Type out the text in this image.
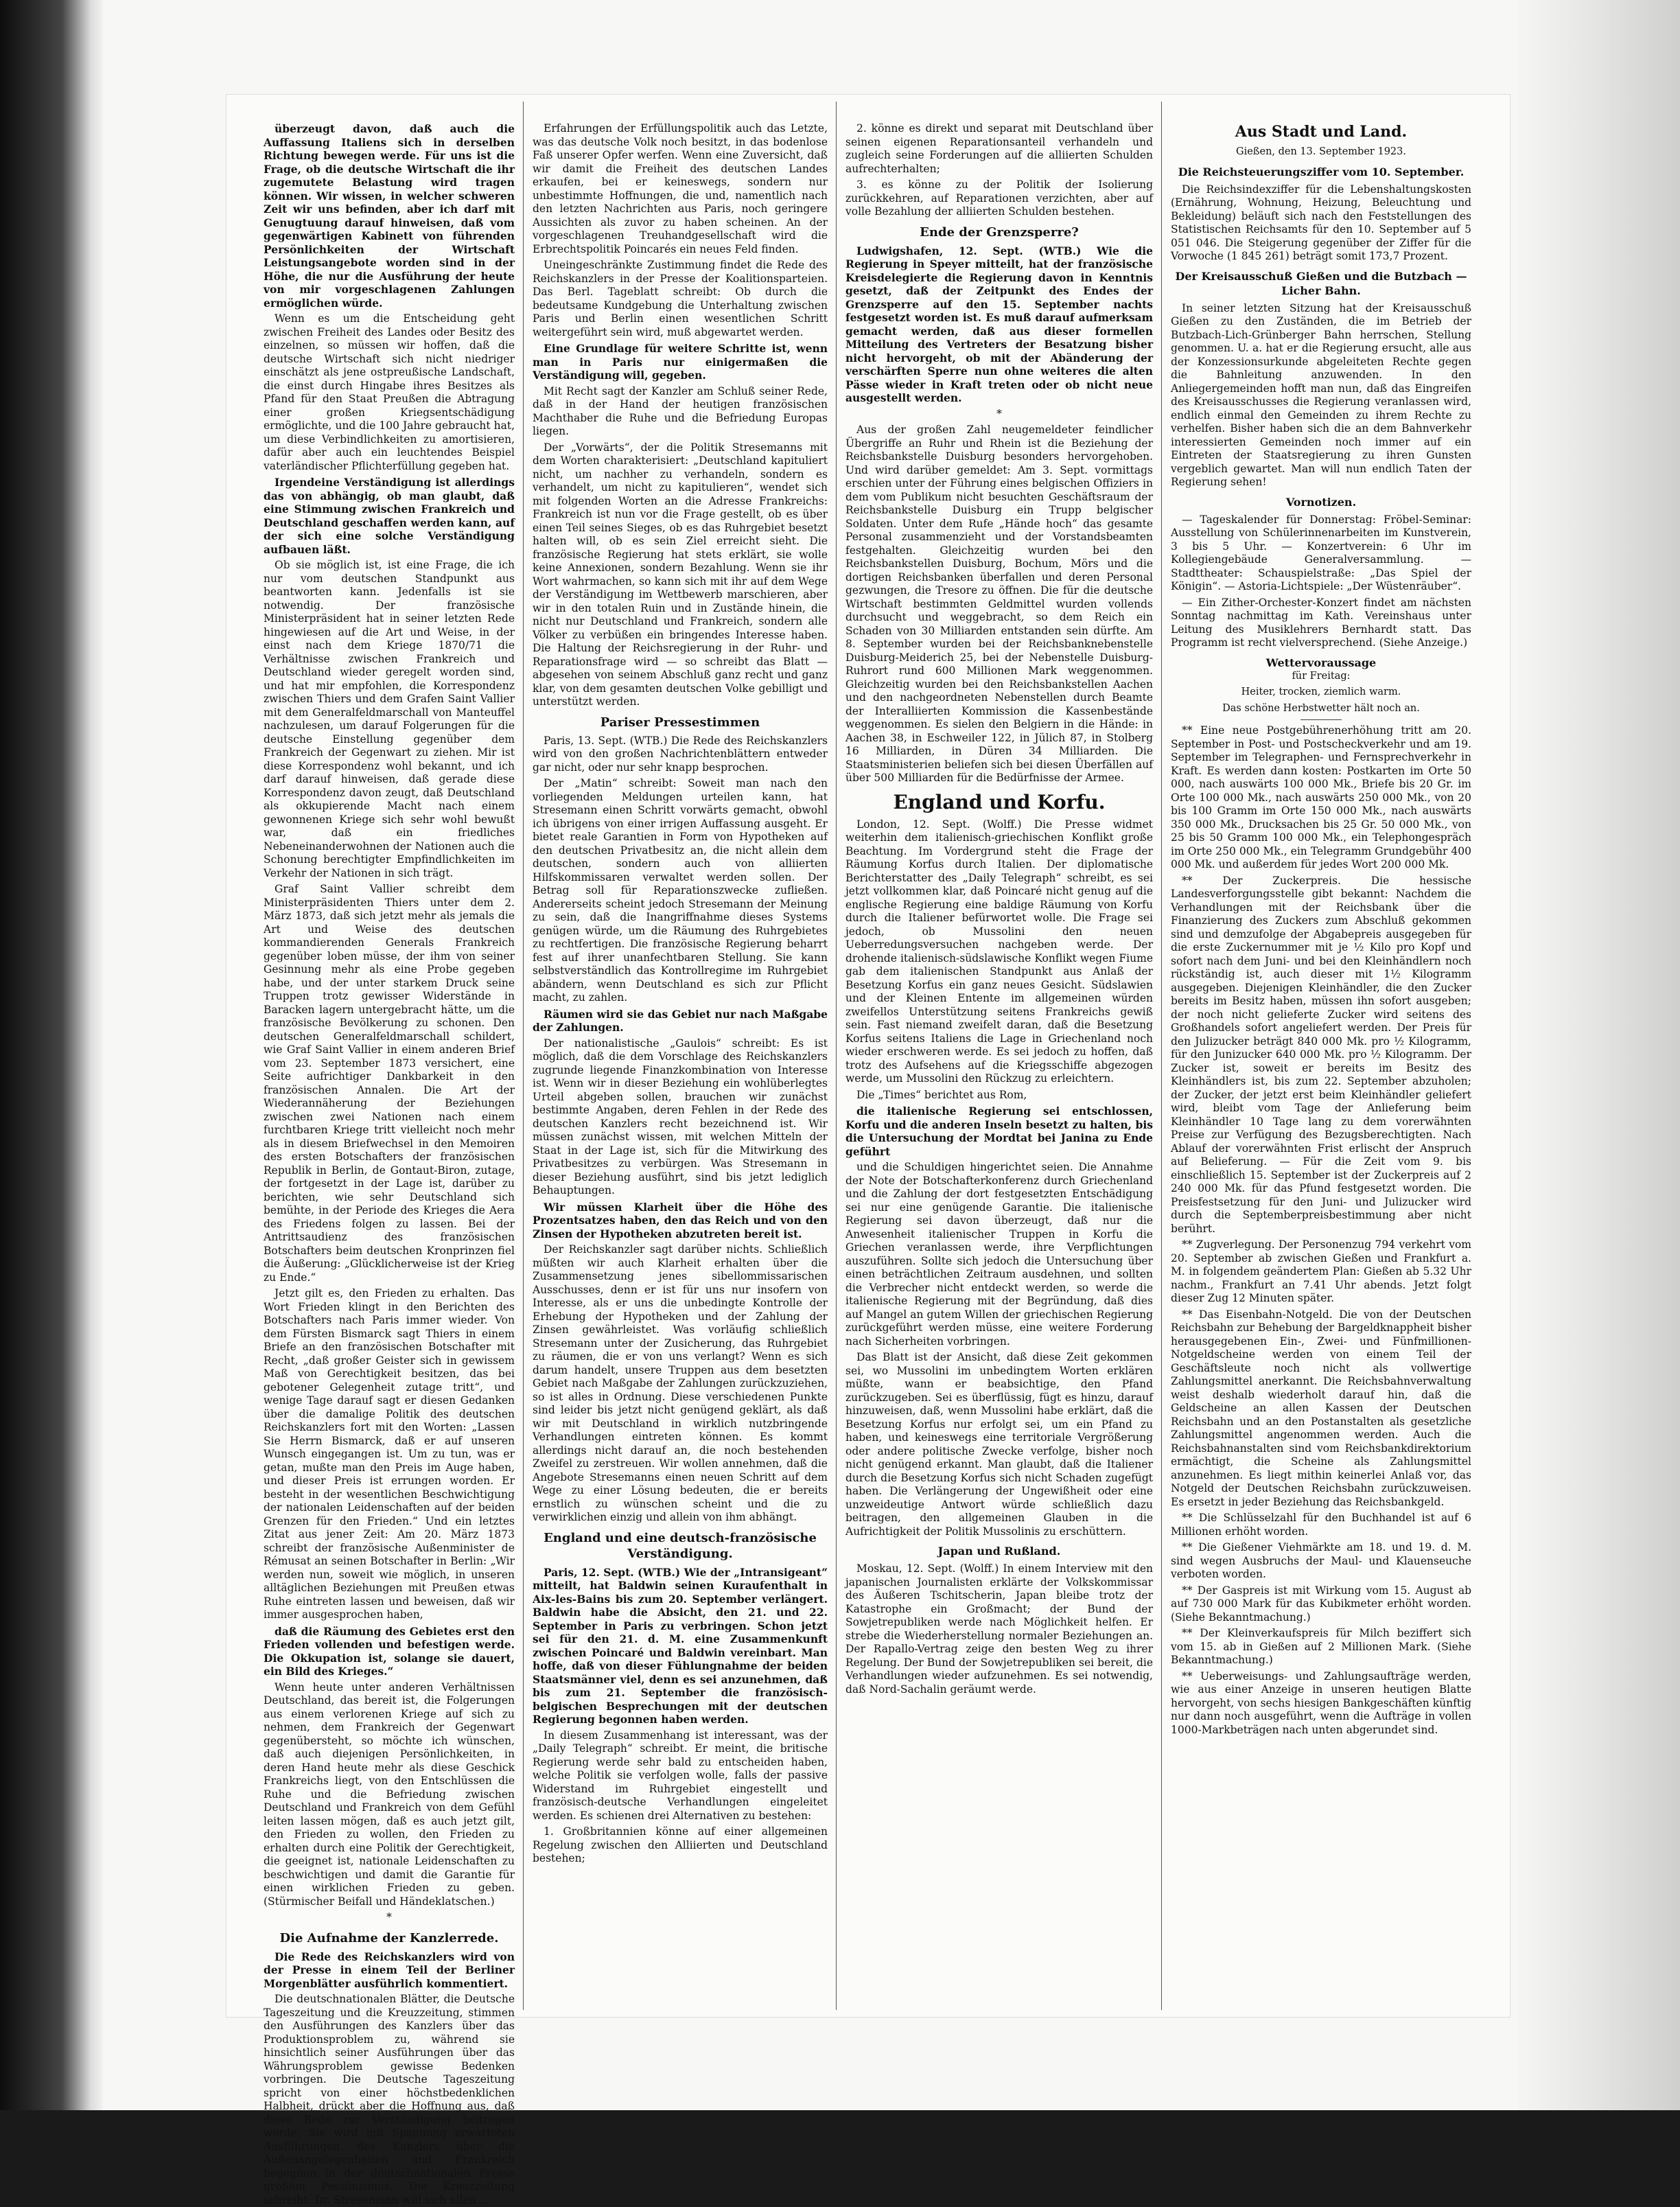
überzeugt davon, daß auch die Auffassung Italiens sich in derselben Richtung bewegen werde. Für uns ist die Frage, ob die deutsche Wirtschaft die ihr zugemutete Belastung wird tragen können. Wir wissen, in welcher schweren Zeit wir uns befinden, aber ich darf mit Genugtuung darauf hinweisen, daß vom gegenwärtigen Kabinett von führenden Persönlichkeiten der Wirtschaft Leistungsangebote worden sind in der Höhe, die nur die Ausführung der heute von mir vorgeschlagenen Zahlungen ermöglichen würde.

Wenn es um die Entscheidung geht zwischen Freiheit des Landes oder Besitz des einzelnen, so müssen wir hoffen, daß die deutsche Wirtschaft sich nicht niedriger einschätzt als jene ostpreußische Landschaft, die einst durch Hingabe ihres Besitzes als Pfand für den Staat Preußen die Abtragung einer großen Kriegsentschädigung ermöglichte, und die 100 Jahre gebraucht hat, um diese Verbindlichkeiten zu amortisieren, dafür aber auch ein leuchtendes Beispiel vaterländischer Pflichterfüllung gegeben hat.

Irgendeine Verständigung ist allerdings das von abhängig, ob man glaubt, daß eine Stimmung zwischen Frankreich und Deutschland geschaffen werden kann, auf der sich eine solche Verständigung aufbauen läßt.

Ob sie möglich ist, ist eine Frage, die ich nur vom deutschen Standpunkt aus beantworten kann. Jedenfalls ist sie notwendig. Der französische Ministerpräsident hat in seiner letzten Rede hingewiesen auf die Art und Weise, in der einst nach dem Kriege 1870/71 die Verhältnisse zwischen Frankreich und Deutschland wieder geregelt worden sind, und hat mir empfohlen, die Korrespondenz zwischen Thiers und dem Grafen Saint Vallier mit dem Generalfeldmarschall von Manteuffel nachzulesen, um darauf Folgerungen für die deutsche Einstellung gegenüber dem Frankreich der Gegenwart zu ziehen. Mir ist diese Korrespondenz wohl bekannt, und ich darf darauf hinweisen, daß gerade diese Korrespondenz davon zeugt, daß Deutschland als okkupierende Macht nach einem gewonnenen Kriege sich sehr wohl bewußt war, daß ein friedliches Nebeneinanderwohnen der Nationen auch die Schonung berechtigter Empfindlichkeiten im Verkehr der Nationen in sich trägt.

Graf Saint Vallier schreibt dem Ministerpräsidenten Thiers unter dem 2. März 1873, daß sich jetzt mehr als jemals die Art und Weise des deutschen kommandierenden Generals Frankreich gegenüber loben müsse, der ihm von seiner Gesinnung mehr als eine Probe gegeben habe, und der unter starkem Druck seine Truppen trotz gewisser Widerstände in Baracken lagern untergebracht hätte, um die französische Bevölkerung zu schonen. Den deutschen Generalfeldmarschall schildert, wie Graf Saint Vallier in einem anderen Brief vom 23. September 1873 versichert, eine Seite aufrichtiger Dankbarkeit in den französischen Annalen. Die Art der Wiederannäherung der Beziehungen zwischen zwei Nationen nach einem furchtbaren Kriege tritt vielleicht noch mehr als in diesem Briefwechsel in den Memoiren des ersten Botschafters der französischen Republik in Berlin, de Gontaut-Biron, zutage, der fortgesetzt in der Lage ist, darüber zu berichten, wie sehr Deutschland sich bemühte, in der Periode des Krieges die Aera des Friedens folgen zu lassen. Bei der Antrittsaudienz des französischen Botschafters beim deutschen Kronprinzen fiel die Äußerung: „Glücklicherweise ist der Krieg zu Ende.“

Jetzt gilt es, den Frieden zu erhalten. Das Wort Frieden klingt in den Berichten des Botschafters nach Paris immer wieder. Von dem Fürsten Bismarck sagt Thiers in einem Briefe an den französischen Botschafter mit Recht, „daß großer Geister sich in gewissem Maß von Gerechtigkeit besitzen, das bei gebotener Gelegenheit zutage tritt“, und wenige Tage darauf sagt er diesen Gedanken über die damalige Politik des deutschen Reichskanzlers fort mit den Worten: „Lassen Sie Herrn Bismarck, daß er auf unseren Wunsch eingegangen ist. Um zu tun, was er getan, mußte man den Preis im Auge haben, und dieser Preis ist errungen worden. Er besteht in der wesentlichen Beschwichtigung der nationalen Leidenschaften auf der beiden Grenzen für den Frieden.“ Und ein letztes Zitat aus jener Zeit: Am 20. März 1873 schreibt der französische Außenminister de Rémusat an seinen Botschafter in Berlin: „Wir werden nun, soweit wie möglich, in unseren alltäglichen Beziehungen mit Preußen etwas Ruhe eintreten lassen und beweisen, daß wir immer ausgesprochen haben,

daß die Räumung des Gebietes erst den Frieden vollenden und befestigen werde. Die Okkupation ist, solange sie dauert, ein Bild des Krieges.“

Wenn heute unter anderen Verhältnissen Deutschland, das bereit ist, die Folgerungen aus einem verlorenen Kriege auf sich zu nehmen, dem Frankreich der Gegenwart gegenübersteht, so möchte ich wünschen, daß auch diejenigen Persönlichkeiten, in deren Hand heute mehr als diese Geschick Frankreichs liegt, von den Entschlüssen die Ruhe und die Befriedung zwischen Deutschland und Frankreich von dem Gefühl leiten lassen mögen, daß es auch jetzt gilt, den Frieden zu wollen, den Frieden zu erhalten durch eine Politik der Gerechtigkeit, die geeignet ist, nationale Leidenschaften zu beschwichtigen und damit die Garantie für einen wirklichen Frieden zu geben. (Stürmischer Beifall und Händeklatschen.)

*
Die Aufnahme der Kanzlerrede.

Die Rede des Reichskanzlers wird von der Presse in einem Teil der Berliner Morgenblätter ausführlich kommentiert.

Die deutschnationalen Blätter, die Deutsche Tageszeitung und die Kreuzzeitung, stimmen den Ausführungen des Kanzlers über das Produktionsproblem zu, während sie hinsichtlich seiner Ausführungen über das Währungsproblem gewisse Bedenken vorbringen. Die Deutsche Tageszeitung spricht von einer höchstbedenklichen Halbheit, drückt aber die Hoffnung aus, daß diese Rede zur Verständigung beitragen werde. Sie wird mit Spannung erwarteten Ausführungen des Kanzlers über die Außenangelegenheiten und Frankreich begegnen in der deutschnationalen Presse großem Pessimismus. Die Kreuzzeitung schreibt: Dr. Stresemann will sich allen ...

Erfahrungen der Erfüllungspolitik auch das Letzte, was das deutsche Volk noch besitzt, in das bodenlose Faß unserer Opfer werfen. Wenn eine Zuversicht, daß wir damit die Freiheit des deutschen Landes erkaufen, bei er keineswegs, sondern nur unbestimmte Hoffnungen, die und, namentlich nach den letzten Nachrichten aus Paris, noch geringere Aussichten als zuvor zu haben scheinen. An der vorgeschlagenen Treuhandgesellschaft wird die Erbrechtspolitik Poincarés ein neues Feld finden.

Uneingeschränkte Zustimmung findet die Rede des Reichskanzlers in der Presse der Koalitionsparteien. Das Berl. Tageblatt schreibt: Ob durch die bedeutsame Kundgebung die Unterhaltung zwischen Paris und Berlin einen wesentlichen Schritt weitergeführt sein wird, muß abgewartet werden.

Eine Grundlage für weitere Schritte ist, wenn man in Paris nur einigermaßen die Verständigung will, gegeben.

Mit Recht sagt der Kanzler am Schluß seiner Rede, daß in der Hand der heutigen französischen Machthaber die Ruhe und die Befriedung Europas liegen.

Der „Vorwärts“, der die Politik Stresemanns mit dem Worten charakterisiert: „Deutschland kapituliert nicht, um nachher zu verhandeln, sondern es verhandelt, um nicht zu kapitulieren“, wendet sich mit folgenden Worten an die Adresse Frankreichs: Frankreich ist nun vor die Frage gestellt, ob es über einen Teil seines Sieges, ob es das Ruhrgebiet besetzt halten will, ob es sein Ziel erreicht sieht. Die französische Regierung hat stets erklärt, sie wolle keine Annexionen, sondern Bezahlung. Wenn sie ihr Wort wahrmachen, so kann sich mit ihr auf dem Wege der Verständigung im Wettbewerb marschieren, aber wir in den totalen Ruin und in Zustände hinein, die nicht nur Deutschland und Frankreich, sondern alle Völker zu verbüßen ein bringendes Interesse haben. Die Haltung der Reichsregierung in der Ruhr- und Reparationsfrage wird — so schreibt das Blatt — abgesehen von seinem Abschluß ganz recht und ganz klar, von dem gesamten deutschen Volke gebilligt und unterstützt werden.

Pariser Pressestimmen

Paris, 13. Sept. (WTB.) Die Rede des Reichskanzlers wird von den großen Nachrichtenblättern entweder gar nicht, oder nur sehr knapp besprochen.

Der „Matin“ schreibt: Soweit man nach den vorliegenden Meldungen urteilen kann, hat Stresemann einen Schritt vorwärts gemacht, obwohl ich übrigens von einer irrigen Auffassung ausgeht. Er bietet reale Garantien in Form von Hypotheken auf den deutschen Privatbesitz an, die nicht allein dem deutschen, sondern auch von alliierten Hilfskommissaren verwaltet werden sollen. Der Betrag soll für Reparationszwecke zufließen. Andererseits scheint jedoch Stresemann der Meinung zu sein, daß die Inangriffnahme dieses Systems genügen würde, um die Räumung des Ruhrgebietes zu rechtfertigen. Die französische Regierung beharrt fest auf ihrer unanfechtbaren Stellung. Sie kann selbstverständlich das Kontrollregime im Ruhrgebiet abändern, wenn Deutschland es sich zur Pflicht macht, zu zahlen.

Räumen wird sie das Gebiet nur nach Maßgabe der Zahlungen.

Der nationalistische „Gaulois“ schreibt: Es ist möglich, daß die dem Vorschlage des Reichskanzlers zugrunde liegende Finanzkombination von Interesse ist. Wenn wir in dieser Beziehung ein wohlüberlegtes Urteil abgeben sollen, brauchen wir zunächst bestimmte Angaben, deren Fehlen in der Rede des deutschen Kanzlers recht bezeichnend ist. Wir müssen zunächst wissen, mit welchen Mitteln der Staat in der Lage ist, sich für die Mitwirkung des Privatbesitzes zu verbürgen. Was Stresemann in dieser Beziehung ausführt, sind bis jetzt lediglich Behauptungen.

Wir müssen Klarheit über die Höhe des Prozentsatzes haben, den das Reich und von den Zinsen der Hypotheken abzutreten bereit ist.

Der Reichskanzler sagt darüber nichts. Schließlich müßten wir auch Klarheit erhalten über die Zusammensetzung jenes sibellommissarischen Ausschusses, denn er ist für uns nur insofern von Interesse, als er uns die unbedingte Kontrolle der Erhebung der Hypotheken und der Zahlung der Zinsen gewährleistet. Was vorläufig schließlich Stresemann unter der Zusicherung, das Ruhrgebiet zu räumen, die er von uns verlangt? Wenn es sich darum handelt, unsere Truppen aus dem besetzten Gebiet nach Maßgabe der Zahlungen zurückzuziehen, so ist alles in Ordnung. Diese verschiedenen Punkte sind leider bis jetzt nicht genügend geklärt, als daß wir mit Deutschland in wirklich nutzbringende Verhandlungen eintreten können. Es kommt allerdings nicht darauf an, die noch bestehenden Zweifel zu zerstreuen. Wir wollen annehmen, daß die Angebote Stresemanns einen neuen Schritt auf dem Wege zu einer Lösung bedeuten, die er bereits ernstlich zu wünschen scheint und die zu verwirklichen einzig und allein von ihm abhängt.

England und eine deutsch-französische Verständigung.

Paris, 12. Sept. (WTB.) Wie der „Intransigeant“ mitteilt, hat Baldwin seinen Kuraufenthalt in Aix-les-Bains bis zum 20. September verlängert. Baldwin habe die Absicht, den 21. und 22. September in Paris zu verbringen. Schon jetzt sei für den 21. d. M. eine Zusammenkunft zwischen Poincaré und Baldwin vereinbart. Man hoffe, daß von dieser Fühlungnahme der beiden Staatsmänner viel, denn es sei anzunehmen, daß bis zum 21. September die französisch-belgischen Besprechungen mit der deutschen Regierung begonnen haben werden.

In diesem Zusammenhang ist interessant, was der „Daily Telegraph“ schreibt. Er meint, die britische Regierung werde sehr bald zu entscheiden haben, welche Politik sie verfolgen wolle, falls der passive Widerstand im Ruhrgebiet eingestellt und französisch-deutsche Verhandlungen eingeleitet werden. Es schienen drei Alternativen zu bestehen:

1. Großbritannien könne auf einer allgemeinen Regelung zwischen den Alliierten und Deutschland bestehen;

2. könne es direkt und separat mit Deutschland über seinen eigenen Reparationsanteil verhandeln und zugleich seine Forderungen auf die alliierten Schulden aufrechterhalten;

3. es könne zu der Politik der Isolierung zurückkehren, auf Reparationen verzichten, aber auf volle Bezahlung der alliierten Schulden bestehen.

Ende der Grenzsperre?

Ludwigshafen, 12. Sept. (WTB.) Wie die Regierung in Speyer mitteilt, hat der französische Kreisdelegierte die Regierung davon in Kenntnis gesetzt, daß der Zeitpunkt des Endes der Grenzsperre auf den 15. September nachts festgesetzt worden ist. Es muß darauf aufmerksam gemacht werden, daß aus dieser formellen Mitteilung des Vertreters der Besatzung bisher nicht hervorgeht, ob mit der Abänderung der verschärften Sperre nun ohne weiteres die alten Pässe wieder in Kraft treten oder ob nicht neue ausgestellt werden.

*

Aus der großen Zahl neugemeldeter feindlicher Übergriffe an Ruhr und Rhein ist die Beziehung der Reichsbankstelle Duisburg besonders hervorgehoben. Und wird darüber gemeldet: Am 3. Sept. vormittags erschien unter der Führung eines belgischen Offiziers in dem vom Publikum nicht besuchten Geschäftsraum der Reichsbankstelle Duisburg ein Trupp belgischer Soldaten. Unter dem Rufe „Hände hoch“ das gesamte Personal zusammenzieht und der Vorstandsbeamten festgehalten. Gleichzeitig wurden bei den Reichsbankstellen Duisburg, Bochum, Mörs und die dortigen Reichsbanken überfallen und deren Personal gezwungen, die Tresore zu öffnen. Die für die deutsche Wirtschaft bestimmten Geldmittel wurden vollends durchsucht und weggebracht, so dem Reich ein Schaden von 30 Milliarden entstanden sein dürfte. Am 8. September wurden bei der Reichsbanknebenstelle Duisburg-Meiderich 25, bei der Nebenstelle Duisburg-Ruhrort rund 600 Millionen Mark weggenommen. Gleichzeitig wurden bei den Reichsbankstellen Aachen und den nachgeordneten Nebenstellen durch Beamte der Interalliierten Kommission die Kassenbestände weggenommen. Es sielen den Belgiern in die Hände: in Aachen 38, in Eschweiler 122, in Jülich 87, in Stolberg 16 Milliarden, in Düren 34 Milliarden. Die Staatsministerien beliefen sich bei diesen Überfällen auf über 500 Milliarden für die Bedürfnisse der Armee.

England und Korfu.

London, 12. Sept. (Wolff.) Die Presse widmet weiterhin dem italienisch-griechischen Konflikt große Beachtung. Im Vordergrund steht die Frage der Räumung Korfus durch Italien. Der diplomatische Berichterstatter des „Daily Telegraph“ schreibt, es sei jetzt vollkommen klar, daß Poincaré nicht genug auf die englische Regierung eine baldige Räumung von Korfu durch die Italiener befürwortet wolle. Die Frage sei jedoch, ob Mussolini den neuen Ueberredungsversuchen nachgeben werde. Der drohende italienisch-südslawische Konflikt wegen Fiume gab dem italienischen Standpunkt aus Anlaß der Besetzung Korfus ein ganz neues Gesicht. Südslawien und der Kleinen Entente im allgemeinen würden zweifellos Unterstützung seitens Frankreichs gewiß sein. Fast niemand zweifelt daran, daß die Besetzung Korfus seitens Italiens die Lage in Griechenland noch wieder erschweren werde. Es sei jedoch zu hoffen, daß trotz des Aufsehens auf die Kriegsschiffe abgezogen werde, um Mussolini den Rückzug zu erleichtern.

Die „Times“ berichtet aus Rom,

die italienische Regierung sei entschlossen, Korfu und die anderen Inseln besetzt zu halten, bis die Untersuchung der Mordtat bei Janina zu Ende geführt

und die Schuldigen hingerichtet seien. Die Annahme der Note der Botschafterkonferenz durch Griechenland und die Zahlung der dort festgesetzten Entschädigung sei nur eine genügende Garantie. Die italienische Regierung sei davon überzeugt, daß nur die Anwesenheit italienischer Truppen in Korfu die Griechen veranlassen werde, ihre Verpflichtungen auszuführen. Sollte sich jedoch die Untersuchung über einen beträchtlichen Zeitraum ausdehnen, und sollten die Verbrecher nicht entdeckt werden, so werde die italienische Regierung mit der Begründung, daß dies auf Mangel an gutem Willen der griechischen Regierung zurückgeführt werden müsse, eine weitere Forderung nach Sicherheiten vorbringen.

Das Blatt ist der Ansicht, daß diese Zeit gekommen sei, wo Mussolini im unbedingtem Worten erklären müßte, wann er beabsichtige, den Pfand zurückzugeben. Sei es überflüssig, fügt es hinzu, darauf hinzuweisen, daß, wenn Mussolini habe erklärt, daß die Besetzung Korfus nur erfolgt sei, um ein Pfand zu haben, und keineswegs eine territoriale Vergrößerung oder andere politische Zwecke verfolge, bisher noch nicht genügend erkannt. Man glaubt, daß die Italiener durch die Besetzung Korfus sich nicht Schaden zugefügt haben. Die Verlängerung der Ungewißheit oder eine unzweideutige Antwort würde schließlich dazu beitragen, den allgemeinen Glauben in die Aufrichtigkeit der Politik Mussolinis zu erschüttern.

Japan und Rußland.

Moskau, 12. Sept. (Wolff.) In einem Interview mit den japanischen Journalisten erklärte der Volkskommissar des Äußeren Tschitscherin, Japan bleibe trotz der Katastrophe ein Großmacht; der Bund der Sowjetrepubliken werde nach Möglichkeit helfen. Er strebe die Wiederherstellung normaler Beziehungen an. Der Rapallo-Vertrag zeige den besten Weg zu ihrer Regelung. Der Bund der Sowjetrepubliken sei bereit, die Verhandlungen wieder aufzunehmen. Es sei notwendig, daß Nord-Sachalin geräumt werde.

Aus Stadt und Land.

Gießen, den 13. September 1923.

Die Reichsteuerungsziffer vom 10. September.

Die Reichsindexziffer für die Lebenshaltungskosten (Ernährung, Wohnung, Heizung, Beleuchtung und Bekleidung) beläuft sich nach den Feststellungen des Statistischen Reichsamts für den 10. September auf 5 051 046. Die Steigerung gegenüber der Ziffer für die Vorwoche (1 845 261) beträgt somit 173,7 Prozent.

Der Kreisausschuß Gießen und die Butzbach — Licher Bahn.

In seiner letzten Sitzung hat der Kreisausschuß Gießen zu den Zuständen, die im Betrieb der Butzbach-Lich-Grünberger Bahn herrschen, Stellung genommen. U. a. hat er die Regierung ersucht, alle aus der Konzessionsurkunde abgeleiteten Rechte gegen die Bahnleitung anzuwenden. In den Anliegergemeinden hofft man nun, daß das Eingreifen des Kreisausschusses die Regierung veranlassen wird, endlich einmal den Gemeinden zu ihrem Rechte zu verhelfen. Bisher haben sich die an dem Bahnverkehr interessierten Gemeinden noch immer auf ein Eintreten der Staatsregierung zu ihren Gunsten vergeblich gewartet. Man will nun endlich Taten der Regierung sehen!

Vornotizen.

— Tageskalender für Donnerstag: Fröbel-Seminar: Ausstellung von Schülerinnenarbeiten im Kunstverein, 3 bis 5 Uhr. — Konzertverein: 6 Uhr im Kollegiengebäude Generalversammlung. — Stadttheater: Schauspielstraße: „Das Spiel der Königin“. — Astoria-Lichtspiele: „Der Wüstenräuber“.

— Ein Zither-Orchester-Konzert findet am nächsten Sonntag nachmittag im Kath. Vereinshaus unter Leitung des Musiklehrers Bernhardt statt. Das Programm ist recht vielversprechend. (Siehe Anzeige.)

Wettervoraussage

für Freitag:

Heiter, trocken, ziemlich warm.

Das schöne Herbstwetter hält noch an.

** Eine neue Postgebührenerhöhung tritt am 20. September in Post- und Postscheckverkehr und am 19. September im Telegraphen- und Fernsprechverkehr in Kraft. Es werden dann kosten: Postkarten im Orte 50 000, nach auswärts 100 000 Mk., Briefe bis 20 Gr. im Orte 100 000 Mk., nach auswärts 250 000 Mk., von 20 bis 100 Gramm im Orte 150 000 Mk., nach auswärts 350 000 Mk., Drucksachen bis 25 Gr. 50 000 Mk., von 25 bis 50 Gramm 100 000 Mk., ein Telephongespräch im Orte 250 000 Mk., ein Telegramm Grundgebühr 400 000 Mk. und außerdem für jedes Wort 200 000 Mk.

** Der Zuckerpreis. Die hessische Landesverforgungsstelle gibt bekannt: Nachdem die Verhandlungen mit der Reichsbank über die Finanzierung des Zuckers zum Abschluß gekommen sind und demzufolge der Abgabepreis ausgegeben für die erste Zuckernummer mit je ½ Kilo pro Kopf und sofort nach dem Juni- und bei den Kleinhändlern noch rückständig ist, auch dieser mit 1½ Kilogramm ausgegeben. Diejenigen Kleinhändler, die den Zucker bereits im Besitz haben, müssen ihn sofort ausgeben; der noch nicht gelieferte Zucker wird seitens des Großhandels sofort angeliefert werden. Der Preis für den Julizucker beträgt 840 000 Mk. pro ½ Kilogramm, für den Junizucker 640 000 Mk. pro ½ Kilogramm. Der Zucker ist, soweit er bereits im Besitz des Kleinhändlers ist, bis zum 22. September abzuholen; der Zucker, der jetzt erst beim Kleinhändler geliefert wird, bleibt vom Tage der Anlieferung beim Kleinhändler 10 Tage lang zu dem vorerwähnten Preise zur Verfügung des Bezugsberechtigten. Nach Ablauf der vorerwähnten Frist erlischt der Anspruch auf Belieferung. — Für die Zeit vom 9. bis einschließlich 15. September ist der Zuckerpreis auf 2 240 000 Mk. für das Pfund festgesetzt worden. Die Preisfestsetzung für den Juni- und Julizucker wird durch die Septemberpreisbestimmung aber nicht berührt.

** Zugverlegung. Der Personenzug 794 verkehrt vom 20. September ab zwischen Gießen und Frankfurt a. M. in folgendem geändertem Plan: Gießen ab 5.32 Uhr nachm., Frankfurt an 7.41 Uhr abends. Jetzt folgt dieser Zug 12 Minuten später.

** Das Eisenbahn-Notgeld. Die von der Deutschen Reichsbahn zur Behebung der Bargeldknappheit bisher herausgegebenen Ein-, Zwei- und Fünfmillionen-Notgeldscheine werden von einem Teil der Geschäftsleute noch nicht als vollwertige Zahlungsmittel anerkannt. Die Reichsbahnverwaltung weist deshalb wiederholt darauf hin, daß die Geldscheine an allen Kassen der Deutschen Reichsbahn und an den Postanstalten als gesetzliche Zahlungsmittel angenommen werden. Auch die Reichsbahnanstalten sind vom Reichsbankdirektorium ermächtigt, die Scheine als Zahlungsmittel anzunehmen. Es liegt mithin keinerlei Anlaß vor, das Notgeld der Deutschen Reichsbahn zurückzuweisen. Es ersetzt in jeder Beziehung das Reichsbankgeld.

** Die Schlüsselzahl für den Buchhandel ist auf 6 Millionen erhöht worden.

** Die Gießener Viehmärkte am 18. und 19. d. M. sind wegen Ausbruchs der Maul- und Klauenseuche verboten worden.

** Der Gaspreis ist mit Wirkung vom 15. August ab auf 730 000 Mark für das Kubikmeter erhöht worden. (Siehe Bekanntmachung.)

** Der Kleinverkaufspreis für Milch beziffert sich vom 15. ab in Gießen auf 2 Millionen Mark. (Siehe Bekanntmachung.)

** Ueberweisungs- und Zahlungsaufträge werden, wie aus einer Anzeige in unseren heutigen Blatte hervorgeht, von sechs hiesigen Bankgeschäften künftig nur dann noch ausgeführt, wenn die Aufträge in vollen 1000-Markbeträgen nach unten abgerundet sind.
